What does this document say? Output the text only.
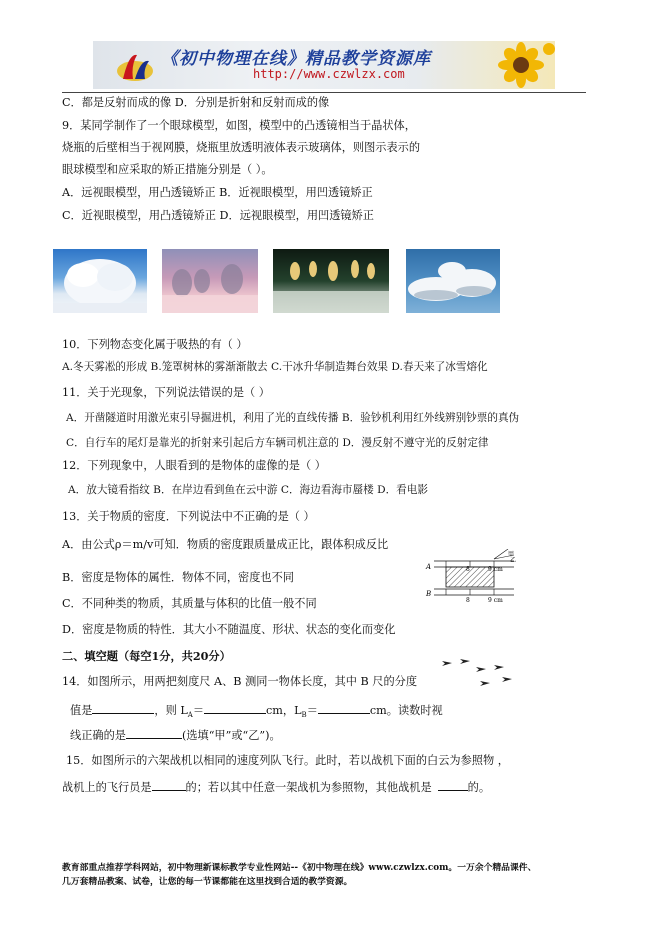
《初中物理在线》精品教学资源库
http://www.czwlzx.com
C．都是反射而成的像 D．分别是折射和反射而成的像
9．某同学制作了一个眼球模型，如图，模型中的凸透镜相当于晶状体，
烧瓶的后壁相当于视网膜，烧瓶里放透明液体表示玻璃体，则图示表示的
眼球模型和应采取的矫正措施分别是（ ）。
A．远视眼模型，用凸透镜矫正 B．近视眼模型，用凹透镜矫正
C．近视眼模型，用凸透镜矫正 D．远视眼模型，用凹透镜矫正
10．下列物态变化属于吸热的有（ ）
A.冬天雾凇的形成 B.笼罩树林的雾渐渐散去 C.干冰升华制造舞台效果 D.春天来了冰雪熔化
11．关于光现象，下列说法错误的是（ ）
A．开凿隧道时用激光束引导掘进机，利用了光的直线传播 B．验钞机利用红外线辨别钞票的真伪
C．自行车的尾灯是靠光的折射来引起后方车辆司机注意的 D．漫反射不遵守光的反射定律
12．下列现象中，人眼看到的是物体的虚像的是（ ）
A．放大镜看指纹 B．在岸边看到鱼在云中游 C．海边看海市蜃楼 D．看电影
13．关于物质的密度．下列说法中不正确的是（ ）
A．由公式ρ＝m/v可知．物质的密度跟质量成正比，跟体积成反比
B．密度是物体的属性．物体不同，密度也不同
C．不同种类的物质，其质量与体积的比值一般不同
D．密度是物质的特性．其大小不随温度、形状、状态的变化而变化
甲
乙
A
B
8	9 cm
8	9 cm
二、填空题（每空1分，共20分）
14．如图所示，用两把刻度尺 A、B 测同一物体长度，其中 B 尺的分度
值是	，则 $L_A=$	cm，$L_B=$	cm。读数时视
线正确的是	(选填“甲”或“乙”)。
15．如图所示的六架战机以相同的速度列队飞行。此时，若以战机下面的白云为参照物 ，
战机上的飞行员是	的；若以其中任意一架战机为参照物，其他战机是	的。
教育部重点推荐学科网站，初中物理新课标教学专业性网站--《初中物理在线》www.czwlzx.com。一万余个精品课件、
几万套精品教案、试卷，让您的每一节课都能在这里找到合适的教学资源。
